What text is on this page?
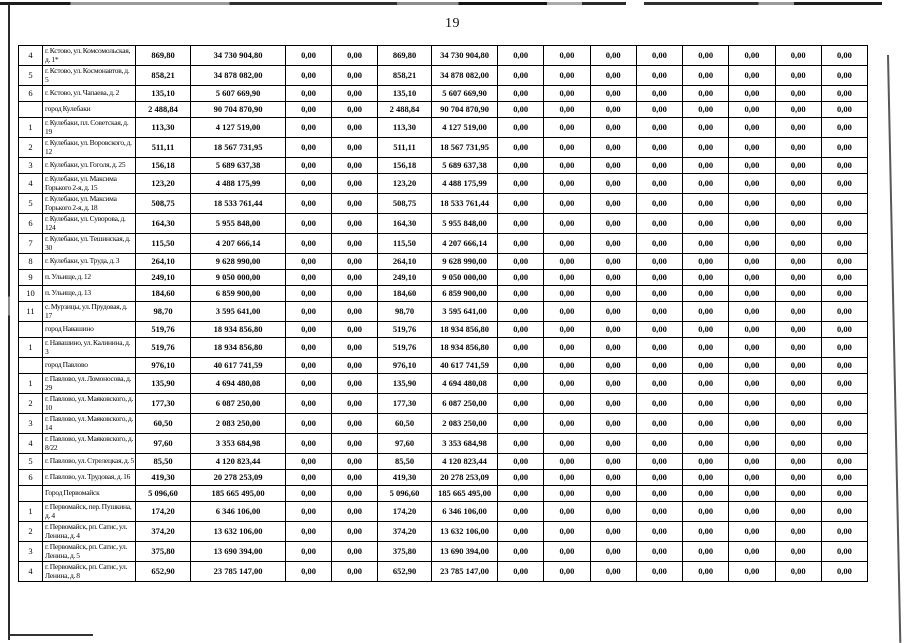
19
4	г. Кстово, ул. Комсомольская, д. 1*	869,80	34 730 904,80	0,00	0,00	869,80	34 730 904,80	0,00	0,00	0,00	0,00	0,00	0,00	0,00	0,00
5	г. Кстово, ул. Космонавтов, д. 5	858,21	34 878 082,00	0,00	0,00	858,21	34 878 082,00	0,00	0,00	0,00	0,00	0,00	0,00	0,00	0,00
6	г. Кстово, ул. Чапаева, д. 2	135,10	5 607 669,90	0,00	0,00	135,10	5 607 669,90	0,00	0,00	0,00	0,00	0,00	0,00	0,00	0,00
	город Кулебаки	2 488,84	90 704 870,90	0,00	0,00	2 488,84	90 704 870,90	0,00	0,00	0,00	0,00	0,00	0,00	0,00	0,00
1	г. Кулебаки, пл. Советская, д. 19	113,30	4 127 519,00	0,00	0,00	113,30	4 127 519,00	0,00	0,00	0,00	0,00	0,00	0,00	0,00	0,00
2	г. Кулебаки, ул. Воровского, д. 12	511,11	18 567 731,95	0,00	0,00	511,11	18 567 731,95	0,00	0,00	0,00	0,00	0,00	0,00	0,00	0,00
3	г. Кулебаки, ул. Гоголя, д. 25	156,18	5 689 637,38	0,00	0,00	156,18	5 689 637,38	0,00	0,00	0,00	0,00	0,00	0,00	0,00	0,00
4	г. Кулебаки, ул. Максима Горького 2-я, д. 15	123,20	4 488 175,99	0,00	0,00	123,20	4 488 175,99	0,00	0,00	0,00	0,00	0,00	0,00	0,00	0,00
5	г. Кулебаки, ул. Максима Горького 2-я, д. 18	508,75	18 533 761,44	0,00	0,00	508,75	18 533 761,44	0,00	0,00	0,00	0,00	0,00	0,00	0,00	0,00
6	г. Кулебаки, ул. Суворова, д. 124	164,30	5 955 848,00	0,00	0,00	164,30	5 955 848,00	0,00	0,00	0,00	0,00	0,00	0,00	0,00	0,00
7	г. Кулебаки, ул. Тешинская, д. 30	115,50	4 207 666,14	0,00	0,00	115,50	4 207 666,14	0,00	0,00	0,00	0,00	0,00	0,00	0,00	0,00
8	г. Кулебаки, ул. Труда, д. 3	264,10	9 628 990,00	0,00	0,00	264,10	9 628 990,00	0,00	0,00	0,00	0,00	0,00	0,00	0,00	0,00
9	п. Ульище, д. 12	249,10	9 050 000,00	0,00	0,00	249,10	9 050 000,00	0,00	0,00	0,00	0,00	0,00	0,00	0,00	0,00
10	п. Ульище, д. 13	184,60	6 859 900,00	0,00	0,00	184,60	6 859 900,00	0,00	0,00	0,00	0,00	0,00	0,00	0,00	0,00
11	с. Мурзицы, ул. Прудовая, д. 17	98,70	3 595 641,00	0,00	0,00	98,70	3 595 641,00	0,00	0,00	0,00	0,00	0,00	0,00	0,00	0,00
	город Навашино	519,76	18 934 856,80	0,00	0,00	519,76	18 934 856,80	0,00	0,00	0,00	0,00	0,00	0,00	0,00	0,00
1	г. Навашино, ул. Калинина, д. 3	519,76	18 934 856,80	0,00	0,00	519,76	18 934 856,80	0,00	0,00	0,00	0,00	0,00	0,00	0,00	0,00
	город Павлово	976,10	40 617 741,59	0,00	0,00	976,10	40 617 741,59	0,00	0,00	0,00	0,00	0,00	0,00	0,00	0,00
1	г. Павлово, ул. Ломоносова, д. 29	135,90	4 694 480,08	0,00	0,00	135,90	4 694 480,08	0,00	0,00	0,00	0,00	0,00	0,00	0,00	0,00
2	г. Павлово, ул. Маяковского, д. 10	177,30	6 087 250,00	0,00	0,00	177,30	6 087 250,00	0,00	0,00	0,00	0,00	0,00	0,00	0,00	0,00
3	г. Павлово, ул. Маяковского, д. 14	60,50	2 083 250,00	0,00	0,00	60,50	2 083 250,00	0,00	0,00	0,00	0,00	0,00	0,00	0,00	0,00
4	г. Павлово, ул. Маяковского, д. 8/22	97,60	3 353 684,98	0,00	0,00	97,60	3 353 684,98	0,00	0,00	0,00	0,00	0,00	0,00	0,00	0,00
5	г. Павлово, ул. Стрелецкая, д. 5	85,50	4 120 823,44	0,00	0,00	85,50	4 120 823,44	0,00	0,00	0,00	0,00	0,00	0,00	0,00	0,00
6	г. Павлово, ул. Трудовая, д. 16	419,30	20 278 253,09	0,00	0,00	419,30	20 278 253,09	0,00	0,00	0,00	0,00	0,00	0,00	0,00	0,00
	Город Первомайск	5 096,60	185 665 495,00	0,00	0,00	5 096,60	185 665 495,00	0,00	0,00	0,00	0,00	0,00	0,00	0,00	0,00
1	г. Первомайск, пер. Пушкина, д. 4	174,20	6 346 106,00	0,00	0,00	174,20	6 346 106,00	0,00	0,00	0,00	0,00	0,00	0,00	0,00	0,00
2	г. Первомайск, рп. Сатис, ул. Ленина, д. 4	374,20	13 632 106,00	0,00	0,00	374,20	13 632 106,00	0,00	0,00	0,00	0,00	0,00	0,00	0,00	0,00
3	г. Первомайск, рп. Сатис, ул. Ленина, д. 5	375,80	13 690 394,00	0,00	0,00	375,80	13 690 394,00	0,00	0,00	0,00	0,00	0,00	0,00	0,00	0,00
4	г. Первомайск, рп. Сатис, ул. Ленина, д. 8	652,90	23 785 147,00	0,00	0,00	652,90	23 785 147,00	0,00	0,00	0,00	0,00	0,00	0,00	0,00	0,00
